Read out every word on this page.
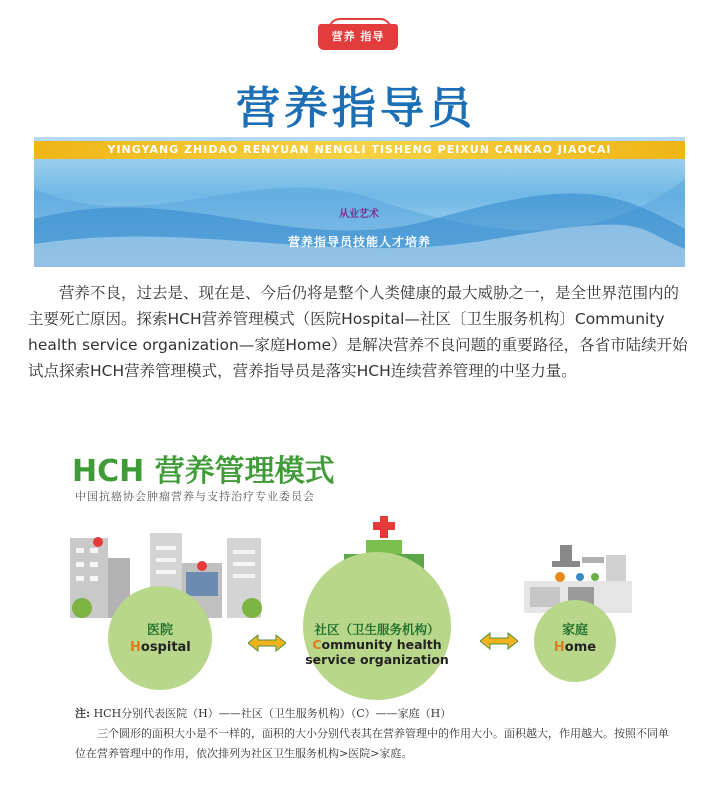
营养 指导
营养指导员
YINGYANG ZHIDAO RENYUAN NENGLI TISHENG PEIXUN CANKAO JIAOCAI
从业艺术
营养指导员技能人才培养

营养不良，过去是、现在是、今后仍将是整个人类健康的最大威胁之一，是全世界范围内的主要死亡原因。探索HCH营养管理模式（医院Hospital—社区〔卫生服务机构〕Community health service organization—家庭Home）是解决营养不良问题的重要路径，各省市陆续开始试点探索HCH营养管理模式，营养指导员是落实HCH连续营养管理的中坚力量。

HCH 营养管理模式
中国抗癌协会肿瘤营养与支持治疗专业委员会
医院
Hospital
社区（卫生服务机构）
Community health
service organization
家庭
Home
注: HCH分别代表医院（H）——社区（卫生服务机构）（C）——家庭（H）
三个圆形的面积大小是不一样的，面积的大小分别代表其在营养管理中的作用大小。面积越大，作用越大。按照不同单位在营养管理中的作用，依次排列为社区卫生服务机构>医院>家庭。
